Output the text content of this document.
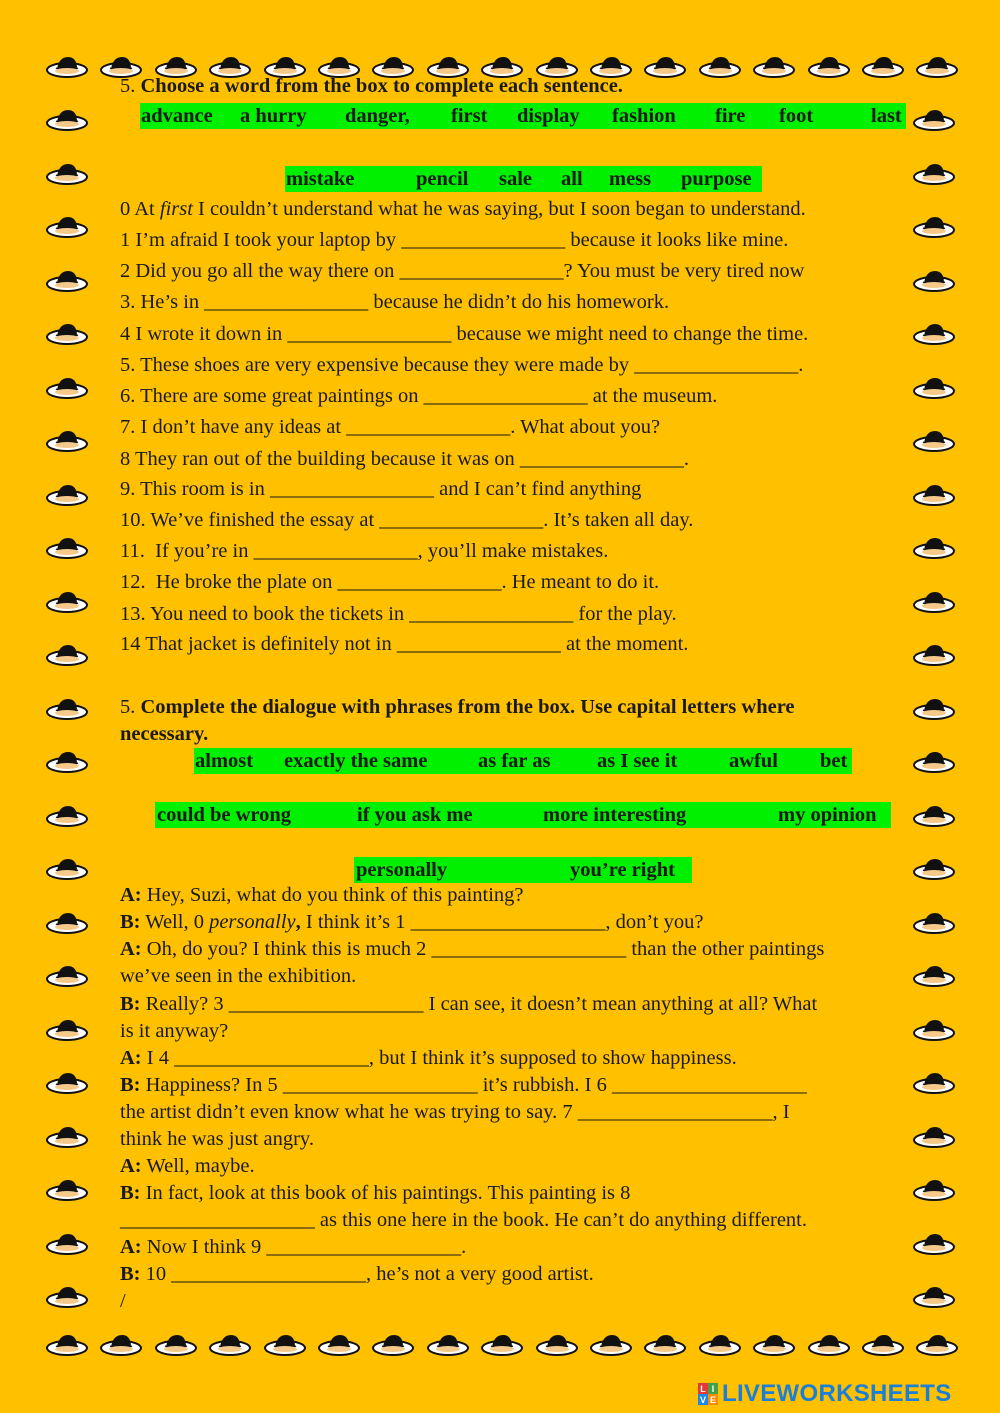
5. Choose a word from the box to complete each sentence.
advance a hurry danger, first display fashion fire foot	last
mistake	pencil sale all mess purpose
0 At first I couldn’t understand what he was saying, but I soon began to understand.
1 I’m afraid I took your laptop by ________________ because it looks like mine.
2 Did you go all the way there on ________________? You must be very tired now
3. He’s in ________________ because he didn’t do his homework.
4 I wrote it down in ________________ because we might need to change the time.
5. These shoes are very expensive because they were made by ________________.
6. There are some great paintings on ________________ at the museum.
7. I don’t have any ideas at ________________. What about you?
8 They ran out of the building because it was on ________________.
9. This room is in ________________ and I can’t find anything
10. We’ve finished the essay at ________________. It’s taken all day.
11.  If you’re in ________________, you’ll make mistakes.
12.  He broke the plate on ________________. He meant to do it.
13. You need to book the tickets in ________________ for the play.
14 That jacket is definitely not in ________________ at the moment.
5. Complete the dialogue with phrases from the box. Use capital letters where
necessary.
almost exactly the same as far as as I see it	awful bet
could be wrong	if you ask me	more interesting	my opinion
personally	you’re right
A: Hey, Suzi, what do you think of this painting?
B: Well, 0 personally, I think it’s 1 ___________________, don’t you?
A: Oh, do you? I think this is much 2 ___________________ than the other paintings
we’ve seen in the exhibition.
B: Really? 3 ___________________ I can see, it doesn’t mean anything at all? What
is it anyway?
A: I 4 ___________________, but I think it’s supposed to show happiness.
B: Happiness? In 5 ___________________ it’s rubbish. I 6 ___________________
the artist didn’t even know what he was trying to say. 7 ___________________, I
think he was just angry.
A: Well, maybe.
B: In fact, look at this book of his paintings. This painting is 8
___________________ as this one here in the book. He can’t do anything different.
A: Now I think 9 ___________________.
B: 10 ___________________, he’s not a very good artist.
/
L I
V E LIVEWORKSHEETS
